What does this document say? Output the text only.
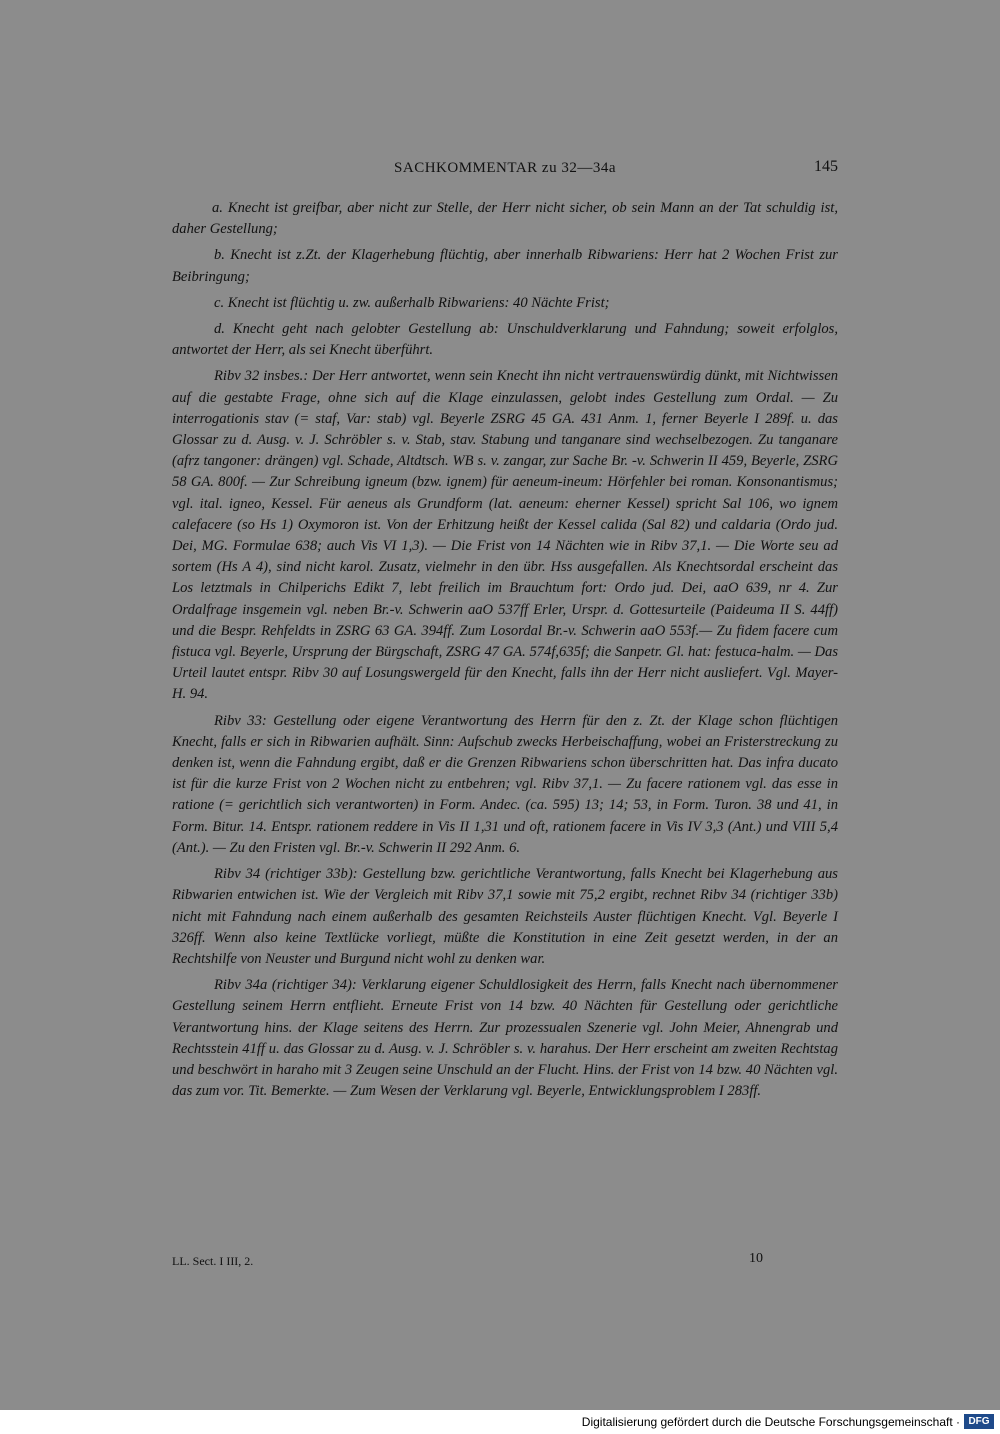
SACHKOMMENTAR zu 32—34a	145

a. Knecht ist greifbar, aber nicht zur Stelle, der Herr nicht sicher, ob sein Mann an der Tat schuldig ist, daher Gestellung;

b. Knecht ist z.Zt. der Klagerhebung flüchtig, aber innerhalb Ribwariens: Herr hat 2 Wochen Frist zur Beibringung;

c. Knecht ist flüchtig u. zw. außerhalb Ribwariens: 40 Nächte Frist;

d. Knecht geht nach gelobter Gestellung ab: Unschuldverklarung und Fahndung; soweit erfolglos, antwortet der Herr, als sei Knecht überführt.

Ribv 32 insbes.: Der Herr antwortet, wenn sein Knecht ihn nicht vertrauenswürdig dünkt, mit Nichtwissen auf die gestabte Frage, ohne sich auf die Klage einzulassen, gelobt indes Gestellung zum Ordal. — Zu interrogationis stav (= staf, Var: stab) vgl. Beyerle ZSRG 45 GA. 431 Anm. 1, ferner Beyerle I 289f. u. das Glossar zu d. Ausg. v. J. Schröbler s. v. Stab, stav. Stabung und tanganare sind wechselbezogen. Zu tanganare (afrz tangoner: drängen) vgl. Schade, Altdtsch. WB s. v. zangar, zur Sache Br. -v. Schwerin II 459, Beyerle, ZSRG 58 GA. 800f. — Zur Schreibung igneum (bzw. ignem) für aeneum-ineum: Hörfehler bei roman. Konsonantismus; vgl. ital. igneo, Kessel. Für aeneus als Grundform (lat. aeneum: eherner Kessel) spricht Sal 106, wo ignem calefacere (so Hs 1) Oxymoron ist. Von der Erhitzung heißt der Kessel calida (Sal 82) und caldaria (Ordo jud. Dei, MG. Formulae 638; auch Vis VI 1,3). — Die Frist von 14 Nächten wie in Ribv 37,1. — Die Worte seu ad sortem (Hs A 4), sind nicht karol. Zusatz, vielmehr in den übr. Hss ausgefallen. Als Knechtsordal erscheint das Los letztmals in Chilperichs Edikt 7, lebt freilich im Brauchtum fort: Ordo jud. Dei, aaO 639, nr 4. Zur Ordalfrage insgemein vgl. neben Br.-v. Schwerin aaO 537ff Erler, Urspr. d. Gottesurteile (Paideuma II S. 44ff) und die Bespr. Rehfeldts in ZSRG 63 GA. 394ff. Zum Losordal Br.-v. Schwerin aaO 553f.— Zu fidem facere cum fistuca vgl. Beyerle, Ursprung der Bürgschaft, ZSRG 47 GA. 574f,635f; die Sanpetr. Gl. hat: festuca-halm. — Das Urteil lautet entspr. Ribv 30 auf Losungswergeld für den Knecht, falls ihn der Herr nicht ausliefert. Vgl. Mayer-H. 94.

Ribv 33: Gestellung oder eigene Verantwortung des Herrn für den z. Zt. der Klage schon flüchtigen Knecht, falls er sich in Ribwarien aufhält. Sinn: Aufschub zwecks Herbeischaffung, wobei an Fristerstreckung zu denken ist, wenn die Fahndung ergibt, daß er die Grenzen Ribwariens schon überschritten hat. Das infra ducato ist für die kurze Frist von 2 Wochen nicht zu entbehren; vgl. Ribv 37,1. — Zu facere rationem vgl. das esse in ratione (= gerichtlich sich verantworten) in Form. Andec. (ca. 595) 13; 14; 53, in Form. Turon. 38 und 41, in Form. Bitur. 14. Entspr. rationem reddere in Vis II 1,31 und oft, rationem facere in Vis IV 3,3 (Ant.) und VIII 5,4 (Ant.). — Zu den Fristen vgl. Br.-v. Schwerin II 292 Anm. 6.

Ribv 34 (richtiger 33b): Gestellung bzw. gerichtliche Verantwortung, falls Knecht bei Klagerhebung aus Ribwarien entwichen ist. Wie der Vergleich mit Ribv 37,1 sowie mit 75,2 ergibt, rechnet Ribv 34 (richtiger 33b) nicht mit Fahndung nach einem außerhalb des gesamten Reichsteils Auster flüchtigen Knecht. Vgl. Beyerle I 326ff. Wenn also keine Textlücke vorliegt, müßte die Konstitution in eine Zeit gesetzt werden, in der an Rechtshilfe von Neuster und Burgund nicht wohl zu denken war.

Ribv 34a (richtiger 34): Verklarung eigener Schuldlosigkeit des Herrn, falls Knecht nach übernommener Gestellung seinem Herrn entflieht. Erneute Frist von 14 bzw. 40 Nächten für Gestellung oder gerichtliche Verantwortung hins. der Klage seitens des Herrn. Zur prozessualen Szenerie vgl. John Meier, Ahnengrab und Rechtsstein 41ff u. das Glossar zu d. Ausg. v. J. Schröbler s. v. harahus. Der Herr erscheint am zweiten Rechtstag und beschwört in haraho mit 3 Zeugen seine Unschuld an der Flucht. Hins. der Frist von 14 bzw. 40 Nächten vgl. das zum vor. Tit. Bemerkte. — Zum Wesen der Verklarung vgl. Beyerle, Entwicklungsproblem I 283ff.

LL. Sect. I III, 2.	10
Digitalisierung gefördert durch die Deutsche Forschungsgemeinschaft · DFG
